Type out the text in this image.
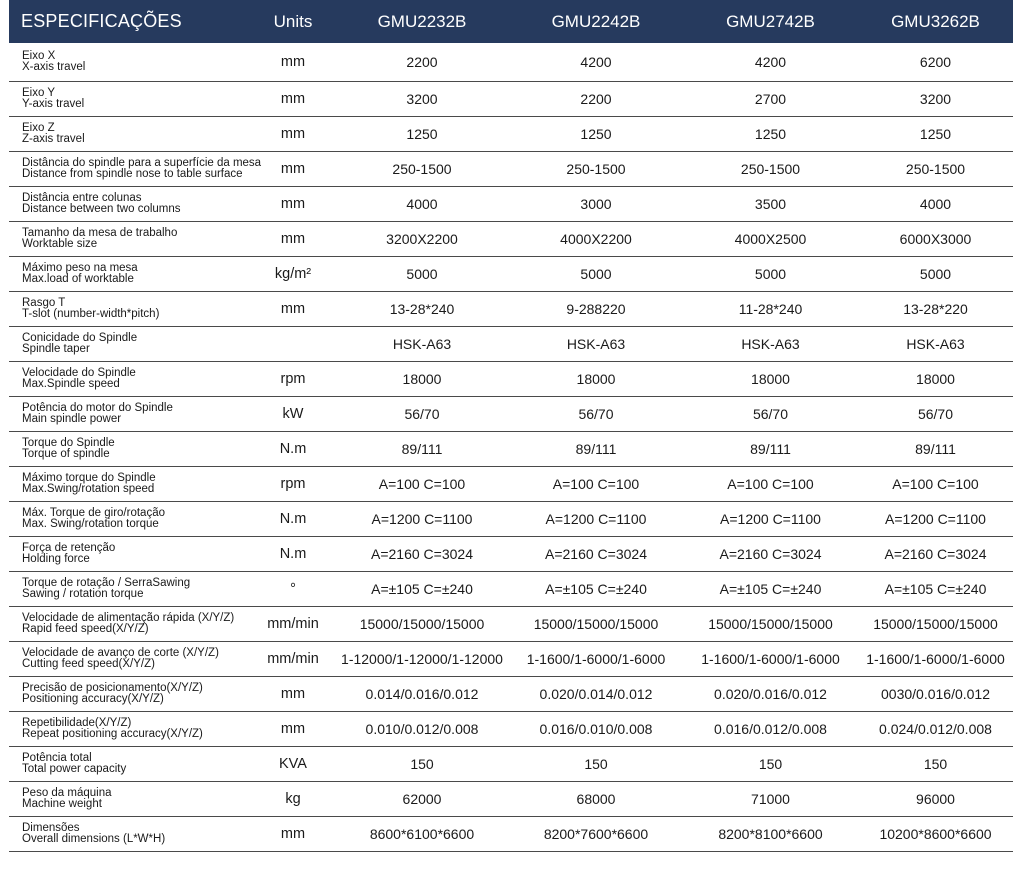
ESPECIFICAÇÕES	Units	GMU2232B	GMU2242B	GMU2742B	GMU3262B

Eixo X
X-axis travel	mm	2200	4200	4200	6200

Eixo Y
Y-axis travel	mm	3200	2200	2700	3200

Eixo Z
Z-axis travel	mm	1250	1250	1250	1250

Distância do spindle para a superfície da mesa
Distance from spindle nose to table surface	mm	250-1500	250-1500	250-1500	250-1500

Distância entre colunas
Distance between two columns	mm	4000	3000	3500	4000

Tamanho da mesa de trabalho
Worktable size	mm	3200X2200	4000X2200	4000X2500	6000X3000

Máximo peso na mesa
Max.load of worktable	kg/m²	5000	5000	5000	5000

Rasgo T
T-slot (number-width*pitch)	mm	13-28*240	9-288220	11-28*240	13-28*220

Conicidade do Spindle
Spindle taper		HSK-A63	HSK-A63	HSK-A63	HSK-A63

Velocidade do Spindle
Max.Spindle speed	rpm	18000	18000	18000	18000

Potência do motor do Spindle
Main spindle power	kW	56/70	56/70	56/70	56/70

Torque do Spindle
Torque of spindle	N.m	89/111	89/111	89/111	89/111

Máximo torque do Spindle
Max.Swing/rotation speed	rpm	A=100 C=100	A=100 C=100	A=100 C=100	A=100 C=100

Máx. Torque de giro/rotação
Max. Swing/rotation torque	N.m	A=1200 C=1100	A=1200 C=1100	A=1200 C=1100	A=1200 C=1100

Força de retenção
Holding force	N.m	A=2160 C=3024	A=2160 C=3024	A=2160 C=3024	A=2160 C=3024

Torque de rotação / SerraSawing
Sawing / rotation torque	°	A=±105 C=±240	A=±105 C=±240	A=±105 C=±240	A=±105 C=±240

Velocidade de alimentação rápida (X/Y/Z)
Rapid feed speed(X/Y/Z)	mm/min	15000/15000/15000	15000/15000/15000	15000/15000/15000	15000/15000/15000

Velocidade de avanço de corte (X/Y/Z)
Cutting feed speed(X/Y/Z)	mm/min	1-12000/1-12000/1-12000	1-1600/1-6000/1-6000	1-1600/1-6000/1-6000	1-1600/1-6000/1-6000

Precisão de posicionamento(X/Y/Z)
Positioning accuracy(X/Y/Z)	mm	0.014/0.016/0.012	0.020/0.014/0.012	0.020/0.016/0.012	0030/0.016/0.012

Repetibilidade(X/Y/Z)
Repeat positioning accuracy(X/Y/Z)	mm	0.010/0.012/0.008	0.016/0.010/0.008	0.016/0.012/0.008	0.024/0.012/0.008

Potência total
Total power capacity	KVA	150	150	150	150

Peso da máquina
Machine weight	kg	62000	68000	71000	96000

Dimensões
Overall dimensions (L*W*H)	mm	8600*6100*6600	8200*7600*6600	8200*8100*6600	10200*8600*6600
